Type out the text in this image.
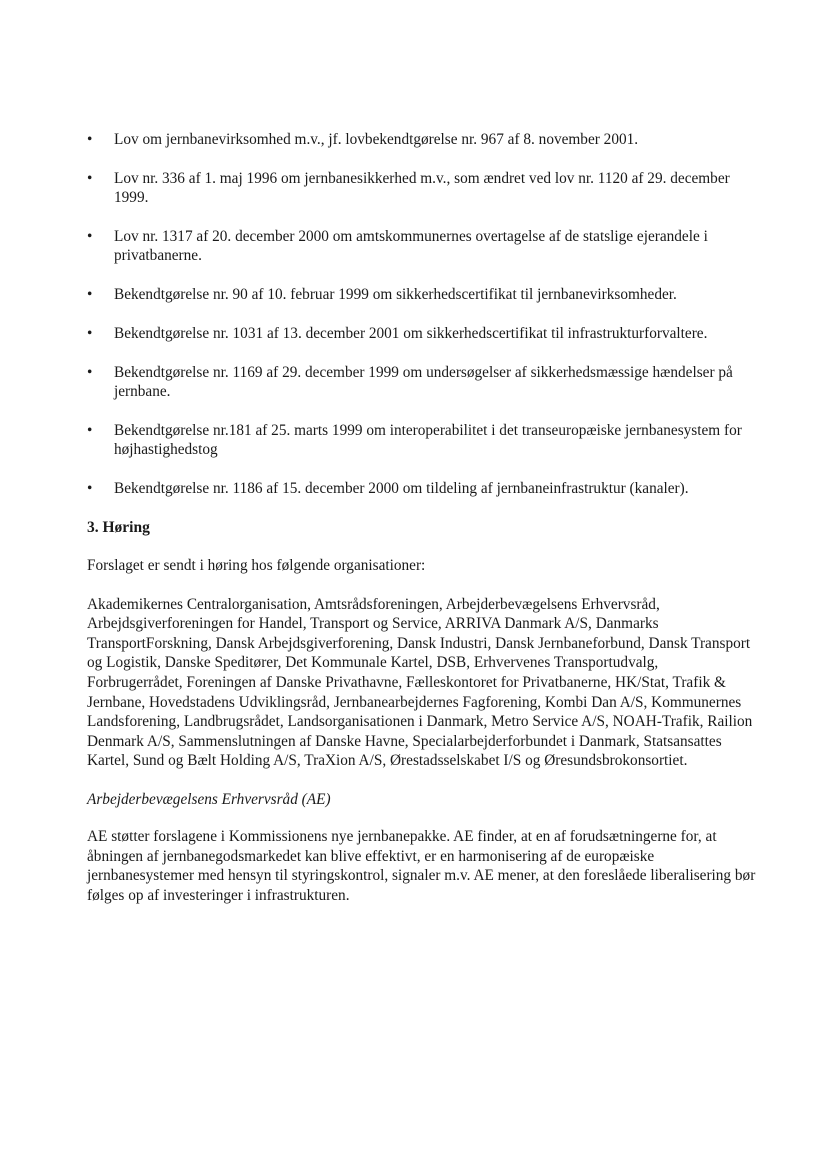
•	Lov om jernbanevirksomhed m.v., jf. lovbekendtgørelse nr. 967 af 8. november 2001.
•	Lov nr. 336 af 1. maj 1996 om jernbanesikkerhed m.v., som ændret ved lov nr. 1120 af 29. december 1999.
•	Lov nr. 1317 af 20. december 2000 om amtskommunernes overtagelse af de statslige ejerandele i privatbanerne.
•	Bekendtgørelse nr. 90 af 10. februar 1999 om sikkerhedscertifikat til jernbanevirksomheder.
•	Bekendtgørelse nr. 1031 af 13. december 2001 om sikkerhedscertifikat til infrastrukturforvaltere.
•	Bekendtgørelse nr. 1169 af 29. december 1999 om undersøgelser af sikkerhedsmæssige hændelser på jernbane.
•	Bekendtgørelse nr.181 af 25. marts 1999 om interoperabilitet i det transeuropæiske jernbanesystem for højhastighedstog
•	Bekendtgørelse nr. 1186 af 15. december 2000 om tildeling af jernbaneinfrastruktur (kanaler).
3. Høring

Forslaget er sendt i høring hos følgende organisationer:

Akademikernes Centralorganisation, Amtsrådsforeningen, Arbejderbevægelsens Erhvervsråd, Arbejdsgiverforeningen for Handel, Transport og Service, ARRIVA Danmark A/S, Danmarks TransportForskning, Dansk Arbejdsgiverforening, Dansk Industri, Dansk Jernbaneforbund, Dansk Transport og Logistik, Danske Speditører, Det Kommunale Kartel, DSB, Erhvervenes Transportudvalg, Forbrugerrådet, Foreningen af Danske Privathavne, Fælleskontoret for Privatbanerne, HK/Stat, Trafik & Jernbane, Hovedstadens Udviklingsråd, Jernbanearbejdernes Fagforening, Kombi Dan A/S, Kommunernes Landsforening, Landbrugsrådet, Landsorganisationen i Danmark, Metro Service A/S, NOAH-Trafik, Railion Denmark A/S, Sammenslutningen af Danske Havne, Specialarbejderforbundet i Danmark, Statsansattes Kartel, Sund og Bælt Holding A/S, TraXion A/S, Ørestadsselskabet I/S og Øresundsbrokonsortiet.

Arbejderbevægelsens Erhvervsråd (AE)

AE støtter forslagene i Kommissionens nye jernbanepakke. AE finder, at en af forudsætningerne for, at åbningen af jernbanegodsmarkedet kan blive effektivt, er en harmonisering af de europæiske jernbanesystemer med hensyn til styringskontrol, signaler m.v. AE mener, at den foreslåede liberalisering bør følges op af investeringer i infrastrukturen.
